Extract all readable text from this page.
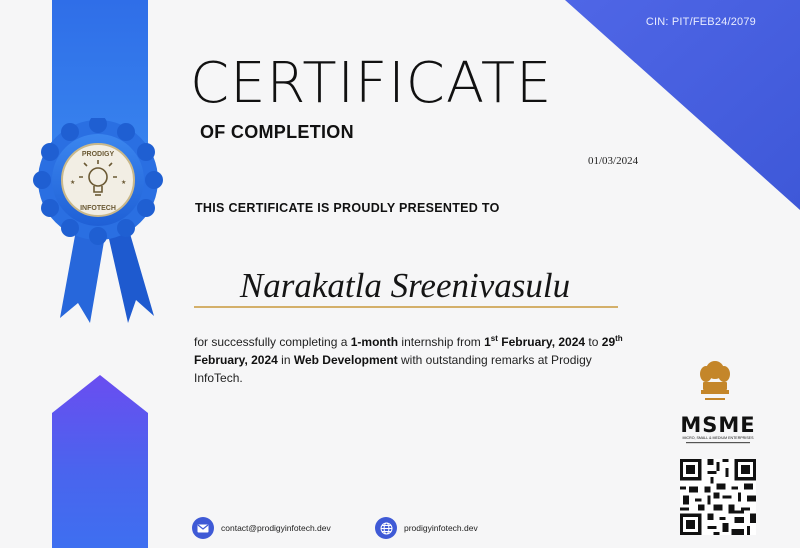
CIN: PIT/FEB24/2079
PRODIGY
INFOTECH
★	★
CERTIFICATE
OF COMPLETION
01/03/2024
THIS CERTIFICATE IS PROUDLY PRESENTED TO
Narakatla Sreenivasulu
for successfully completing a 1-month internship from 1st February, 2024 to 29th February, 2024 in Web Development with outstanding remarks at Prodigy InfoTech.
MSME
MICRO, SMALL & MEDIUM ENTERPRISES
contact@prodigyinfotech.dev	prodigyinfotech.dev
